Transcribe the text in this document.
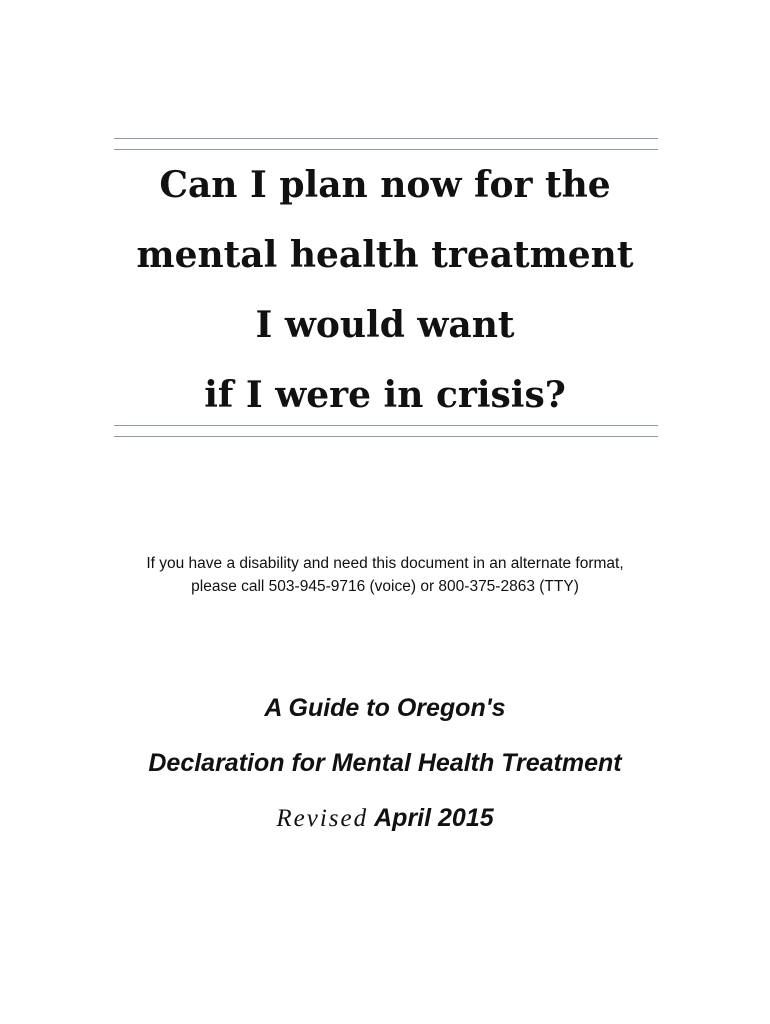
Can I plan now for the
mental health treatment
I would want
if I were in crisis?
If you have a disability and need this document in an alternate format,
please call 503-945-9716 (voice) or 800-375-2863 (TTY)
A Guide to Oregon's
Declaration for Mental Health Treatment
Revised April 2015
